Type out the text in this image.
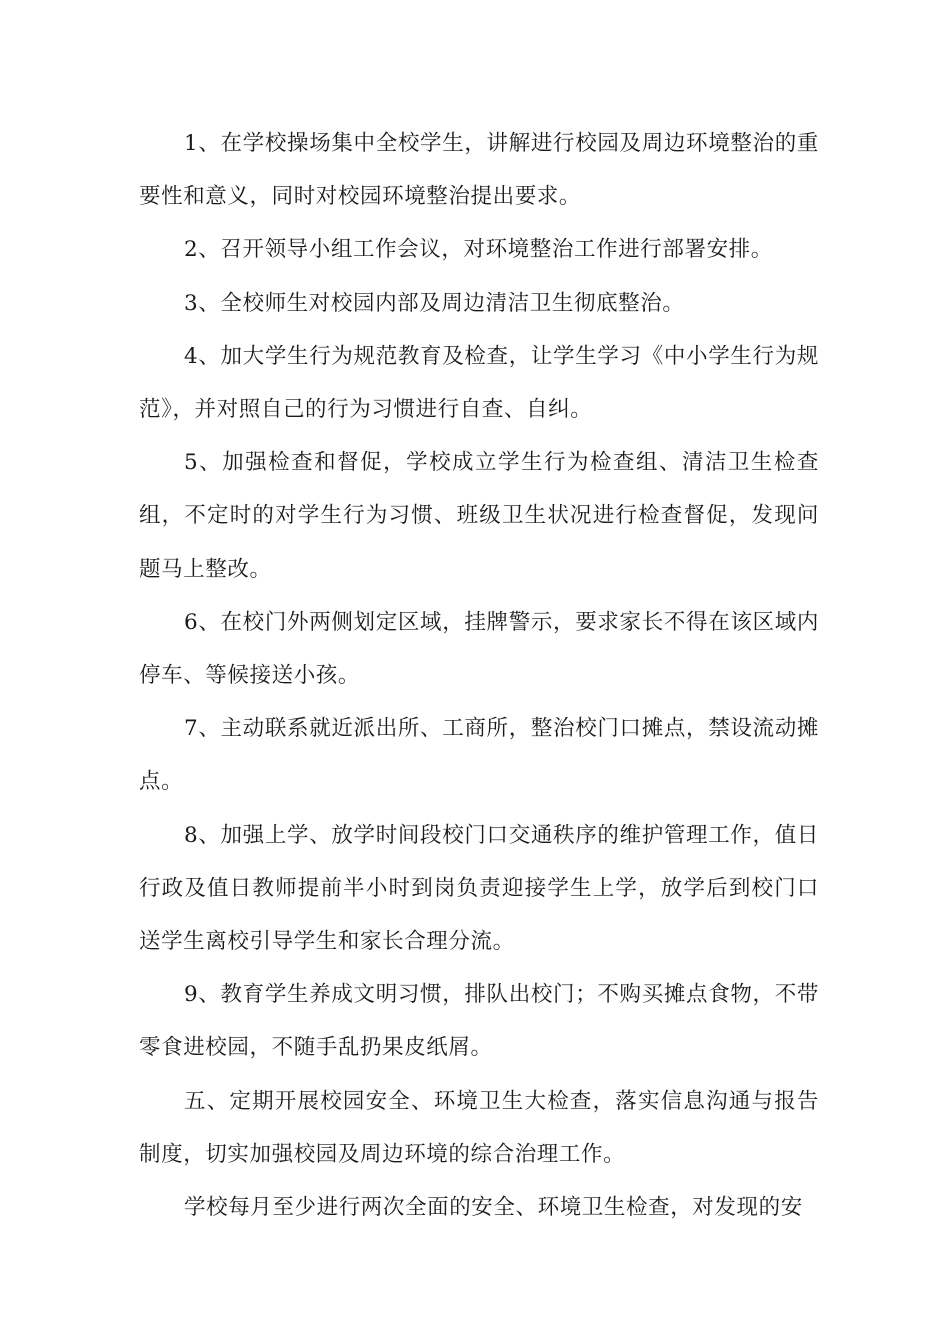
1、在学校操场集中全校学生，讲解进行校园及周边环境整治的重要性和意义，同时对校园环境整治提出要求。

2、召开领导小组工作会议，对环境整治工作进行部署安排。

3、全校师生对校园内部及周边清洁卫生彻底整治。

4、加大学生行为规范教育及检查，让学生学习《中小学生行为规范》，并对照自己的行为习惯进行自查、自纠。

5、加强检查和督促，学校成立学生行为检查组、清洁卫生检查组，不定时的对学生行为习惯、班级卫生状况进行检查督促，发现问题马上整改。

6、在校门外两侧划定区域，挂牌警示，要求家长不得在该区域内停车、等候接送小孩。

7、主动联系就近派出所、工商所，整治校门口摊点，禁设流动摊点。

8、加强上学、放学时间段校门口交通秩序的维护管理工作，值日行政及值日教师提前半小时到岗负责迎接学生上学，放学后到校门口送学生离校引导学生和家长合理分流。

9、教育学生养成文明习惯，排队出校门；不购买摊点食物，不带零食进校园，不随手乱扔果皮纸屑。

五、定期开展校园安全、环境卫生大检查，落实信息沟通与报告制度，切实加强校园及周边环境的综合治理工作。

学校每月至少进行两次全面的安全、环境卫生检查，对发现的安
